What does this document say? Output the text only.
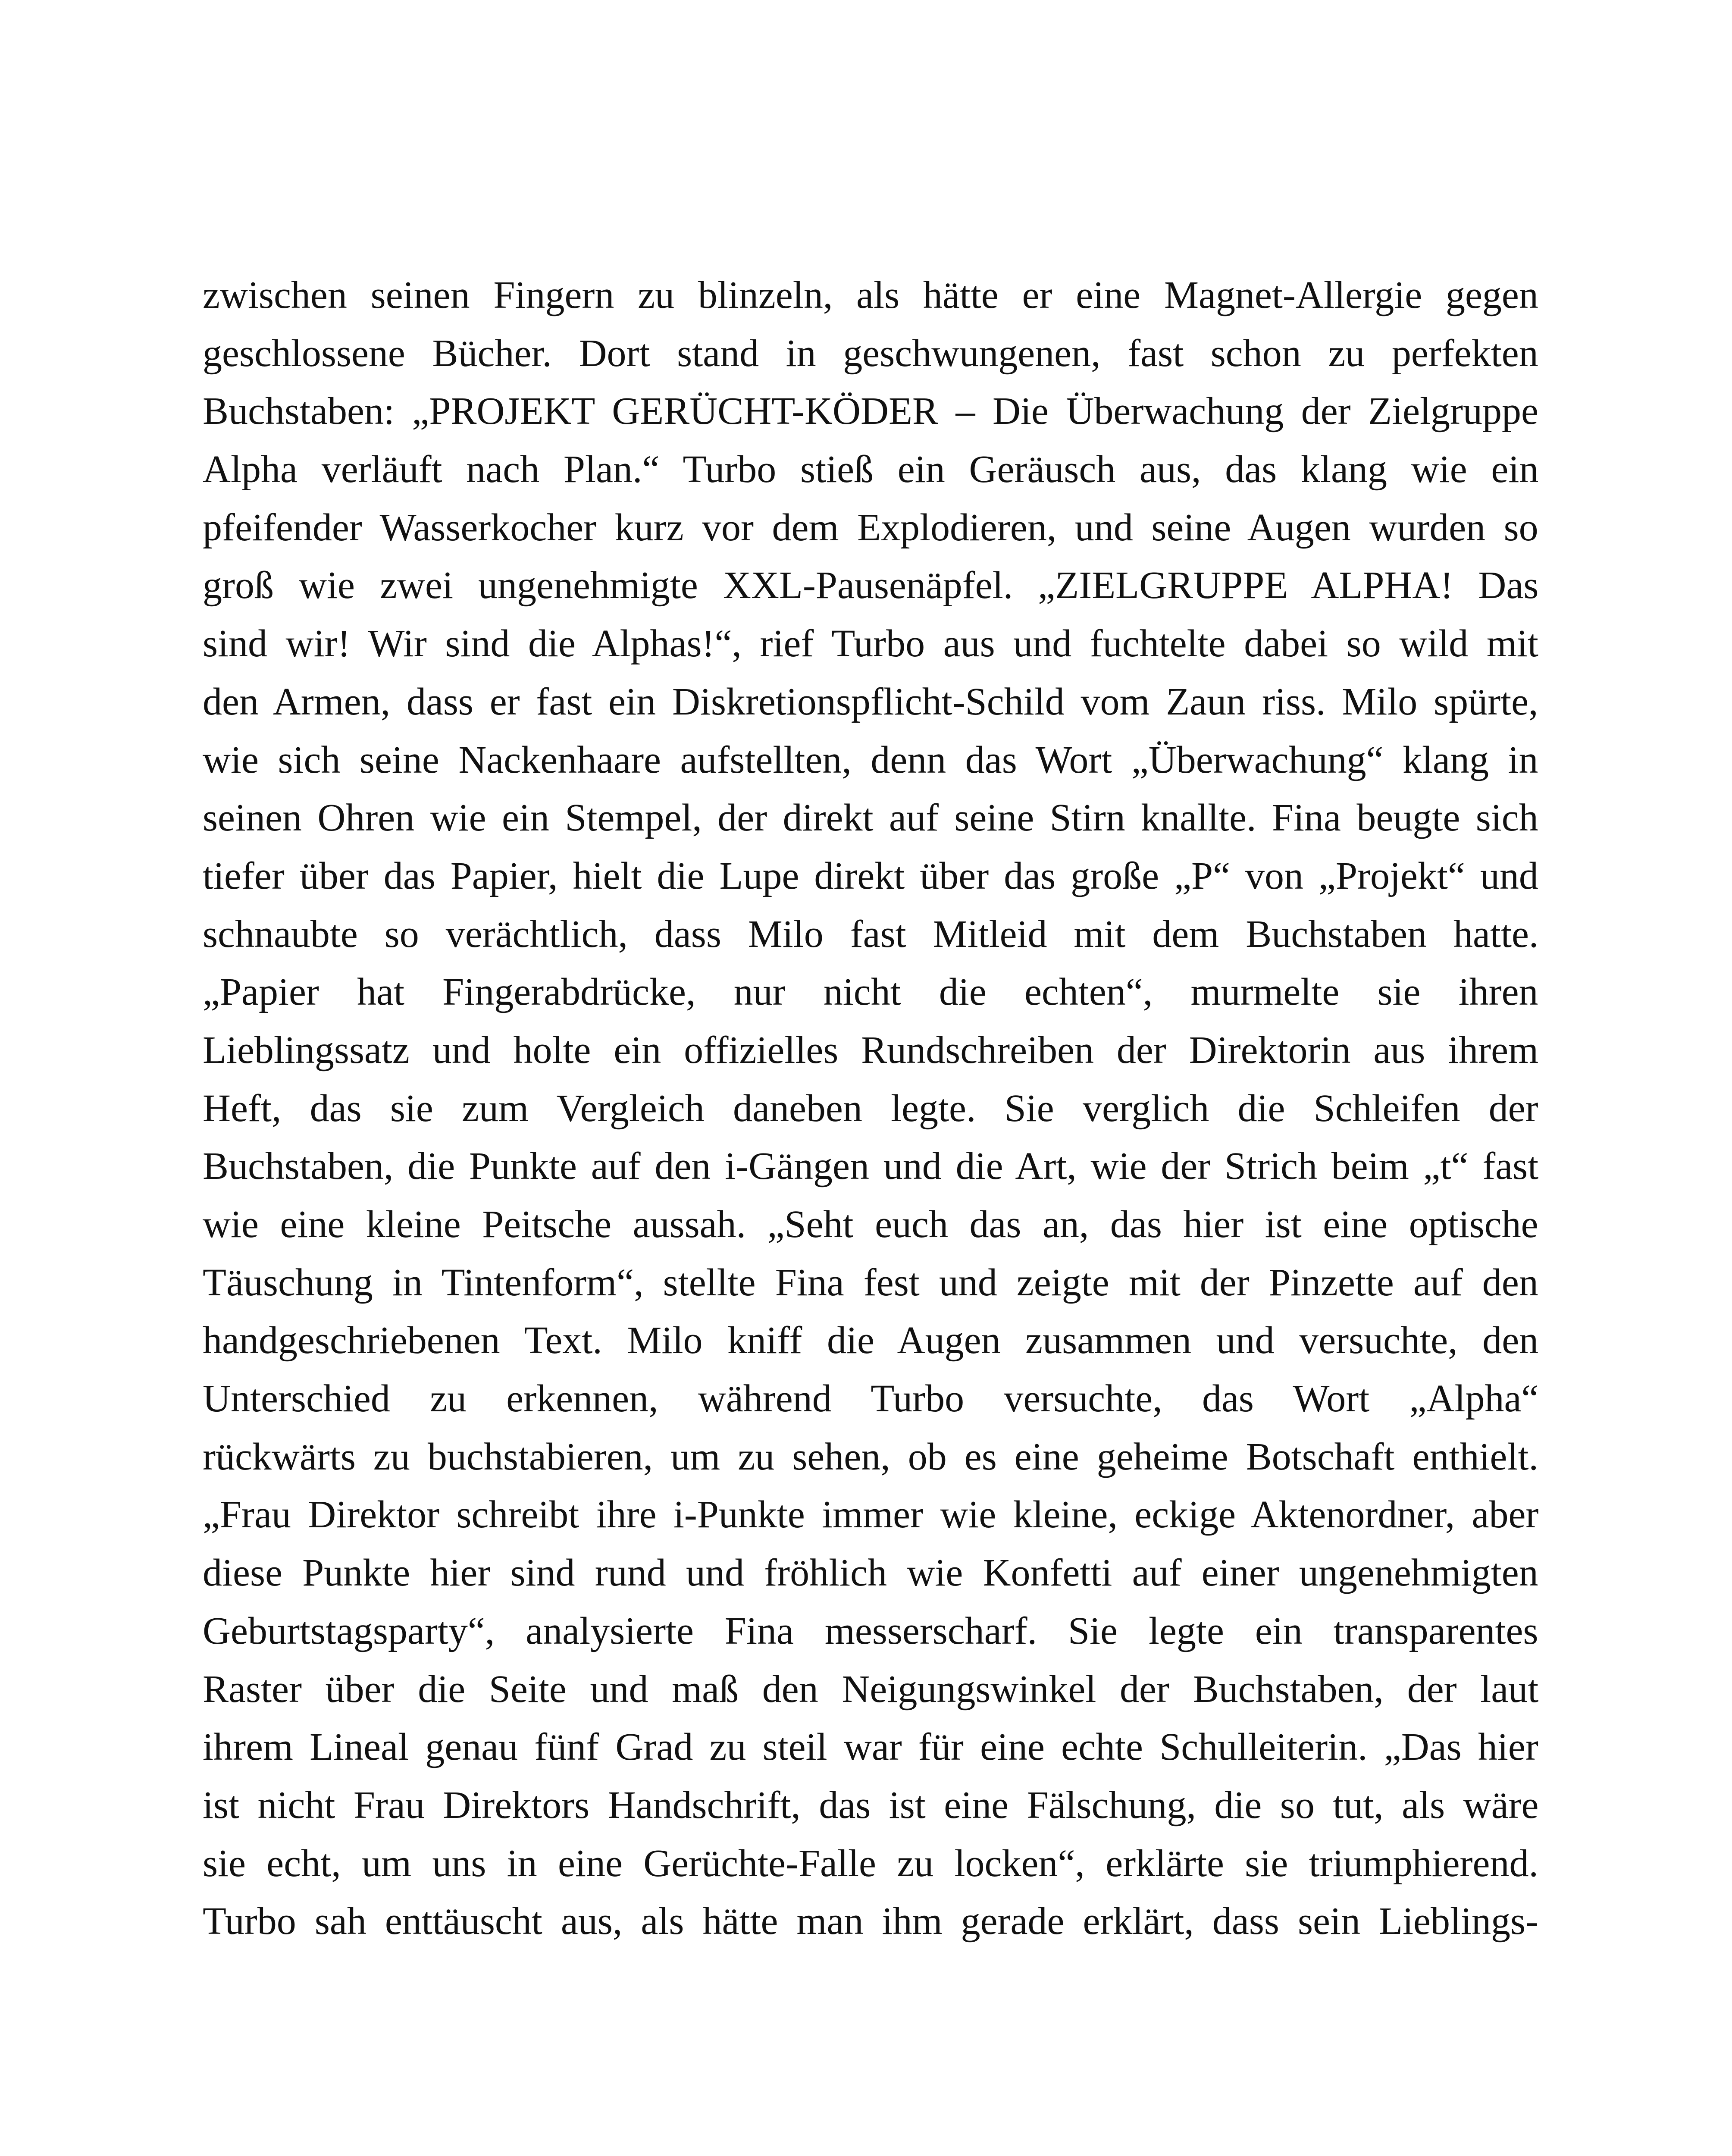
zwischen seinen Fingern zu blinzeln, als hätte er eine Magnet-Allergie gegen
geschlossene Bücher. Dort stand in geschwungenen, fast schon zu perfekten
Buchstaben: „PROJEKT GERÜCHT-KÖDER – Die Überwachung der Zielgruppe
Alpha verläuft nach Plan.“ Turbo stieß ein Geräusch aus, das klang wie ein
pfeifender Wasserkocher kurz vor dem Explodieren, und seine Augen wurden so
groß wie zwei ungenehmigte XXL-Pausenäpfel. „ZIELGRUPPE ALPHA! Das
sind wir! Wir sind die Alphas!“, rief Turbo aus und fuchtelte dabei so wild mit
den Armen, dass er fast ein Diskretionspflicht-Schild vom Zaun riss. Milo spürte,
wie sich seine Nackenhaare aufstellten, denn das Wort „Überwachung“ klang in
seinen Ohren wie ein Stempel, der direkt auf seine Stirn knallte. Fina beugte sich
tiefer über das Papier, hielt die Lupe direkt über das große „P“ von „Projekt“ und
schnaubte so verächtlich, dass Milo fast Mitleid mit dem Buchstaben hatte.
„Papier hat Fingerabdrücke, nur nicht die echten“, murmelte sie ihren
Lieblingssatz und holte ein offizielles Rundschreiben der Direktorin aus ihrem
Heft, das sie zum Vergleich daneben legte. Sie verglich die Schleifen der
Buchstaben, die Punkte auf den i-Gängen und die Art, wie der Strich beim „t“ fast
wie eine kleine Peitsche aussah. „Seht euch das an, das hier ist eine optische
Täuschung in Tintenform“, stellte Fina fest und zeigte mit der Pinzette auf den
handgeschriebenen Text. Milo kniff die Augen zusammen und versuchte, den
Unterschied zu erkennen, während Turbo versuchte, das Wort „Alpha“
rückwärts zu buchstabieren, um zu sehen, ob es eine geheime Botschaft enthielt.
„Frau Direktor schreibt ihre i-Punkte immer wie kleine, eckige Aktenordner, aber
diese Punkte hier sind rund und fröhlich wie Konfetti auf einer ungenehmigten
Geburtstagsparty“, analysierte Fina messerscharf. Sie legte ein transparentes
Raster über die Seite und maß den Neigungswinkel der Buchstaben, der laut
ihrem Lineal genau fünf Grad zu steil war für eine echte Schulleiterin. „Das hier
ist nicht Frau Direktors Handschrift, das ist eine Fälschung, die so tut, als wäre
sie echt, um uns in eine Gerüchte-Falle zu locken“, erklärte sie triumphierend.
Turbo sah enttäuscht aus, als hätte man ihm gerade erklärt, dass sein Lieblings-
